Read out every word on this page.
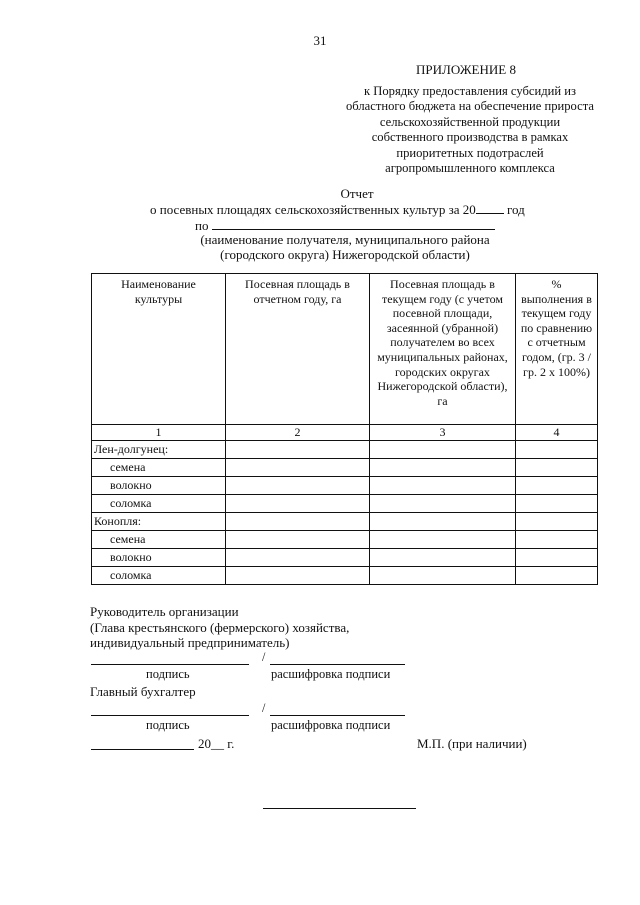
31
ПРИЛОЖЕНИЕ 8
к Порядку предоставления субсидий из
областного бюджета на обеспечение прироста
сельскохозяйственной продукции
собственного производства в рамках
приоритетных подотраслей
агропромышленного комплекса
Отчет
о посевных площадях сельскохозяйственных культур за 20 год
по
(наименование получателя, муниципального района
(городского округа) Нижегородской области)
Наименование культуры	Посевная площадь в отчетном году, га	Посевная площадь в текущем году (с учетом посевной площади, засеянной (убранной) получателем во всех муниципальных районах, городских округах Нижегородской области), га	% выполнения в текущем году по сравнению с отчетным годом, (гр. 3 / гр. 2 х 100%)
1	2	3	4
Лен-долгунец:			
семена			
волокно			
соломка			
Конопля:			
семена			
волокно			
соломка			
Руководитель организации
(Глава крестьянского (фермерского) хозяйства,
индивидуальный предприниматель)
/
подпись	расшифровка подписи
Главный бухгалтер
/
подпись	расшифровка подписи
20__ г.	М.П. (при наличии)
